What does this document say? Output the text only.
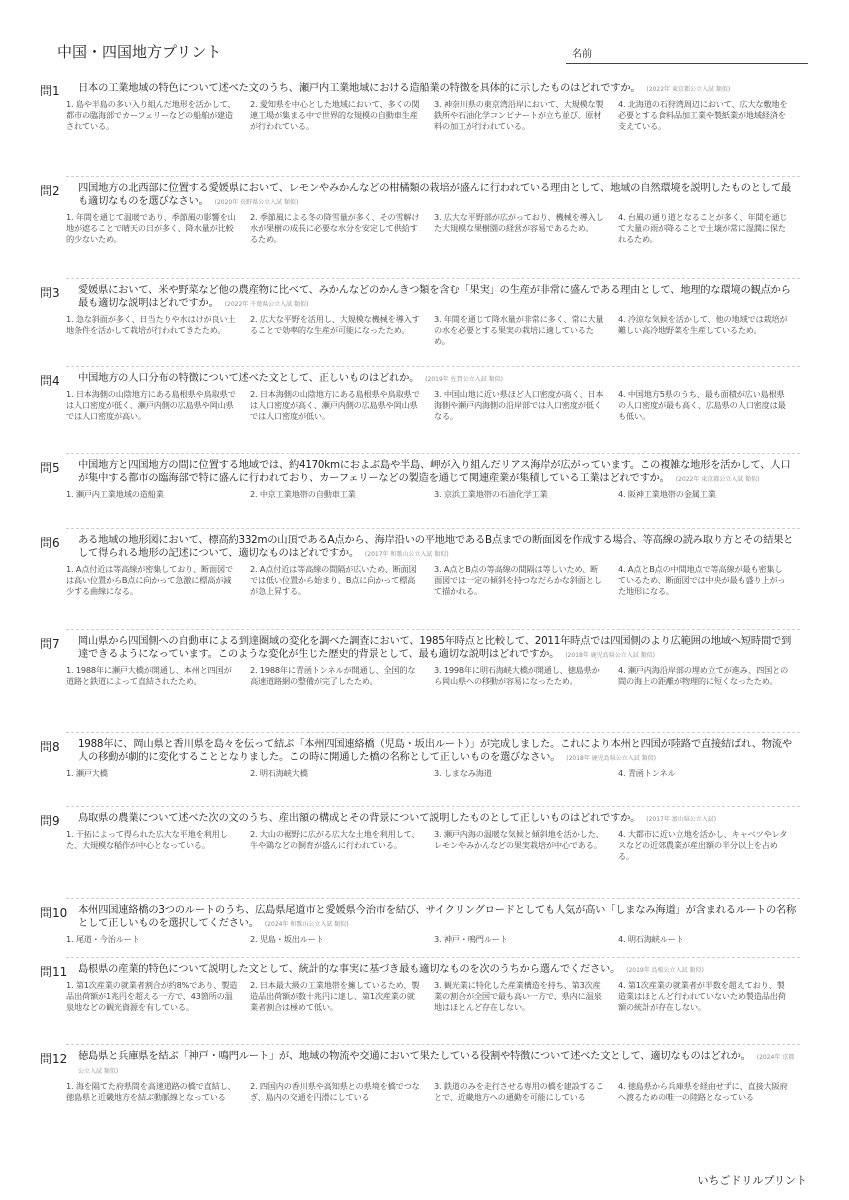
中国・四国地方プリント	名前
問1 日本の工業地域の特色について述べた文のうち、瀬戸内工業地域における造船業の特徴を具体的に示したものはどれですか。 (2022年 東京都公立入試 類似)
1. 島や半島の多い入り組んだ地形を活かして、都市の臨海部でカーフェリーなどの船舶が建造されている。
2. 愛知県を中心とした地域において、多くの関連工場が集まる中で世界的な規模の自動車生産が行われている。
3. 神奈川県の東京湾沿岸において、大規模な製鉄所や石油化学コンビナートが立ち並び、原材料の加工が行われている。
4. 北海道の石狩湾周辺において、広大な敷地を必要とする食料品加工業や製紙業が地域経済を支えている。
問2 四国地方の北西部に位置する愛媛県において、レモンやみかんなどの柑橘類の栽培が盛んに行われている理由として、地域の自然環境を説明したものとして最も適切なものを選びなさい。 (2020年 長野県公立入試 類似)
1. 年間を通じて温暖であり、季節風の影響を山地が遮ることで晴天の日が多く、降水量が比較的少ないため。
2. 季節風による冬の降雪量が多く、その雪解け水が果樹の成長に必要な水分を安定して供給するため。
3. 広大な平野部が広がっており、機械を導入した大規模な果樹園の経営が容易であるため。
4. 台風の通り道となることが多く、年間を通じて大量の雨が降ることで土壌が常に湿潤に保たれるため。
問3 愛媛県において、米や野菜など他の農産物に比べて、みかんなどのかんきつ類を含む「果実」の生産が非常に盛んである理由として、地理的な環境の観点から最も適切な説明はどれですか。 (2022年 千葉県公立入試 類似)
1. 急な斜面が多く、日当たりや水はけが良い土地条件を活かして栽培が行われてきたため。
2. 広大な平野を活用し、大規模な機械を導入することで効率的な生産が可能になったため。
3. 年間を通じて降水量が非常に多く、常に大量の水を必要とする果実の栽培に適しているため。
4. 冷涼な気候を活かして、他の地域では栽培が難しい高冷地野菜を生産しているため。
問4 中国地方の人口分布の特徴について述べた文として、正しいものはどれか。 (2019年 佐賀公立入試 類似)
1. 日本海側の山陰地方にある島根県や鳥取県では人口密度が低く、瀬戸内側の広島県や岡山県では人口密度が高い。
2. 日本海側の山陰地方にある島根県や鳥取県では人口密度が高く、瀬戸内側の広島県や岡山県では人口密度が低い。
3. 中国山地に近い県ほど人口密度が高く、日本海側や瀬戸内海側の沿岸部では人口密度が低くなる。
4. 中国地方5県のうち、最も面積が広い島根県の人口密度が最も高く、広島県の人口密度は最も低い。
問5 中国地方と四国地方の間に位置する地域では、約4170kmにおよぶ島や半島、岬が入り組んだリアス海岸が広がっています。この複雑な地形を活かして、人口が集中する都市の臨海部で特に盛んに行われており、カーフェリーなどの製造を通じて関連産業が集積している工業はどれですか。 (2022年 東京都公立入試 類似)
1. 瀬戸内工業地域の造船業	2. 中京工業地帯の自動車工業	3. 京浜工業地帯の石油化学工業	4. 阪神工業地帯の金属工業
問6 ある地域の地形図において、標高約332mの山頂であるA点から、海岸沿いの平地地であるB点までの断面図を作成する場合、等高線の読み取り方とその結果として得られる地形の記述について、適切なものはどれですか。 (2017年 和歌山公立入試 類似)
1. A点付近は等高線が密集しており、断面図では高い位置からB点に向かって急激に標高が減少する曲線になる。
2. A点付近は等高線の間隔が広いため、断面図では低い位置から始まり、B点に向かって標高が急上昇する。
3. A点とB点の等高線の間隔は等しいため、断面図では一定の傾斜を持つなだらかな斜面として描かれる。
4. A点とB点の中間地点で等高線が最も密集しているため、断面図では中央が最も盛り上がった地形になる。
問7 岡山県から四国側への自動車による到達圏域の変化を調べた調査において、1985年時点と比較して、2011年時点では四国側のより広範囲の地域へ短時間で到達できるようになっています。このような変化が生じた歴史的背景として、最も適切な説明はどれですか。 (2018年 鹿児島県公立入試 類似)
1. 1988年に瀬戸大橋が開通し、本州と四国が道路と鉄道によって直結されたため。
2. 1988年に青函トンネルが開通し、全国的な高速道路網の整備が完了したため。
3. 1998年に明石海峡大橋が開通し、徳島県から岡山県への移動が容易になったため。
4. 瀬戸内海沿岸部の埋め立てが進み、四国との間の海上の距離が物理的に短くなったため。
問8 1988年に、岡山県と香川県を島々を伝って結ぶ「本州四国連絡橋（児島・坂出ルート）」が完成しました。これにより本州と四国が陸路で直接結ばれ、物流や人の移動が劇的に変化することとなりました。この時に開通した橋の名称として正しいものを選びなさい。 (2018年 鹿児島県公立入試 類似)
1. 瀬戸大橋	2. 明石海峡大橋	3. しまなみ海道	4. 青函トンネル
問9 鳥取県の農業について述べた次の文のうち、産出額の構成とその背景について説明したものとして正しいものはどれですか。 (2017年 富山県公立入試)
1. 干拓によって得られた広大な平地を利用した、大規模な稲作が中心となっている。
2. 大山の裾野に広がる広大な土地を利用して、牛や鶏などの飼育が盛んに行われている。
3. 瀬戸内海の温暖な気候と傾斜地を活かした、レモンやみかんなどの果実栽培が中心である。
4. 大都市に近い立地を活かし、キャベツやレタスなどの近郊農業が産出額の半分以上を占める。
問10 本州四国連絡橋の3つのルートのうち、広島県尾道市と愛媛県今治市を結び、サイクリングロードとしても人気が高い「しまなみ海道」が含まれるルートの名称として正しいものを選択してください。 (2024年 和歌山公立入試 類似)
1. 尾道・今治ルート	2. 児島・坂出ルート	3. 神戸・鳴門ルート	4. 明石海峡ルート
問11 島根県の産業的特色について説明した文として、統計的な事実に基づき最も適切なものを次のうちから選んでください。 (2019年 島根公立入試 類似)
1. 第1次産業の就業者割合が約8%であり、製造品出荷額が1兆円を超える一方で、43箇所の温泉地などの観光資源を有している。
2. 日本最大級の工業地帯を擁しているため、製造品出荷額が数十兆円に達し、第1次産業の就業者割合は極めて低い。
3. 観光業に特化した産業構造を持ち、第3次産業の割合が全国で最も高い一方で、県内に温泉地はほとんど存在しない。
4. 第1次産業の就業者が半数を超えており、製造業はほとんど行われていないため製造品出荷額の統計が存在しない。
問12 徳島県と兵庫県を結ぶ「神戸・鳴門ルート」が、地域の物流や交通において果たしている役割や特徴について述べた文として、適切なものはどれか。 (2024年 京都公立入試 類似)
1. 海を隔てた府県間を高速道路の橋で直結し、徳島県と近畿地方を結ぶ動脈線となっている
2. 四国内の香川県や高知県との県境を橋でつなぎ、島内の交通を円滑にしている
3. 鉄道のみを走行させる専用の橋を建設することで、近畿地方への通勤を可能にしている
4. 徳島県から兵庫県を経由せずに、直接大阪府へ渡るための唯一の陸路となっている
いちごドリルプリント
